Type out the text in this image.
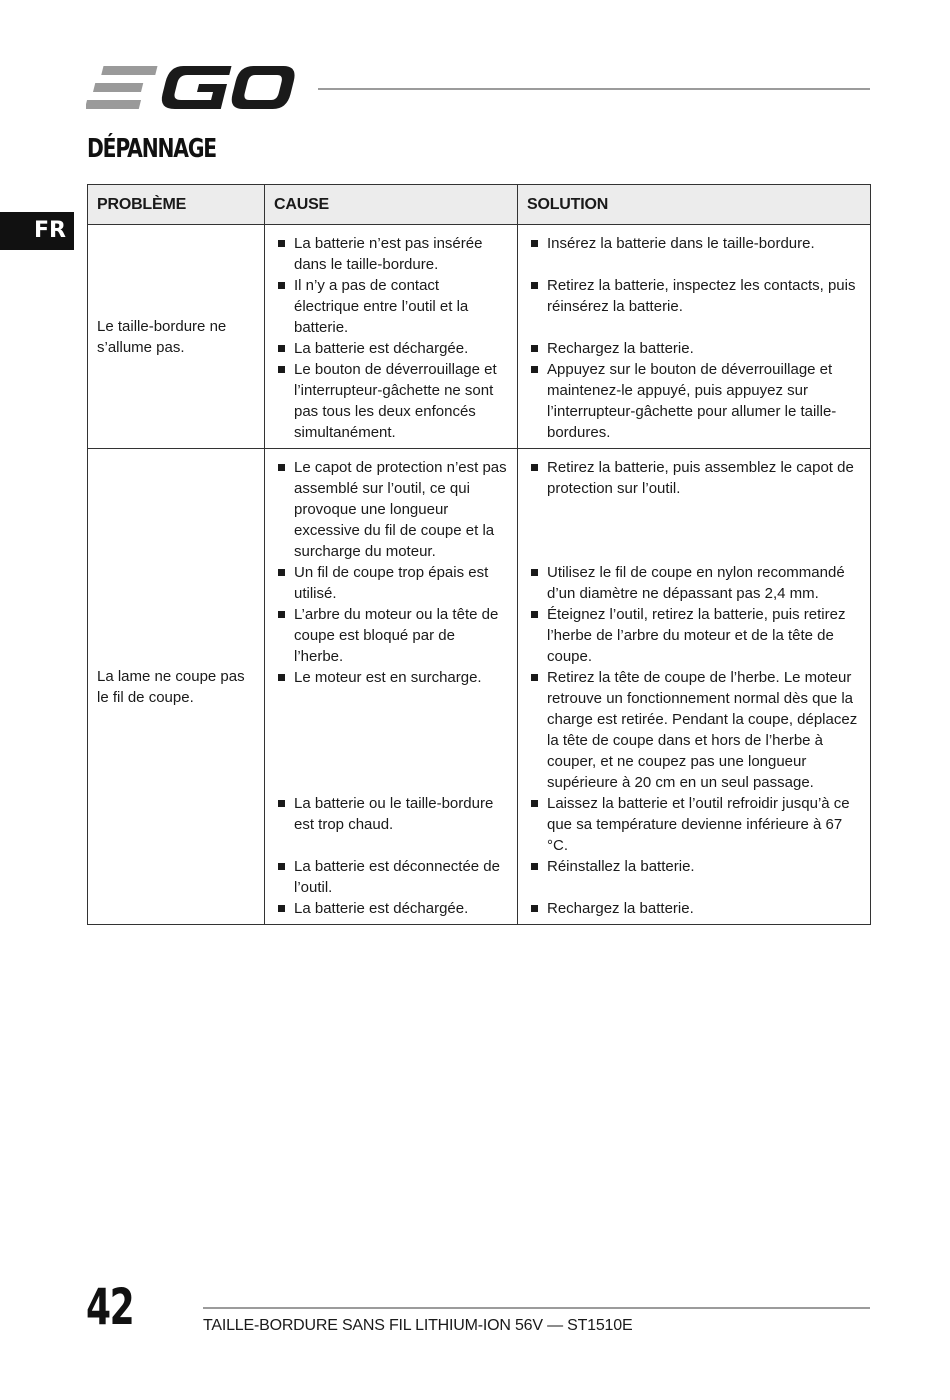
DÉPANNAGE
FR
PROBLÈME	CAUSE	SOLUTION
Le taille-bordure ne s’allume pas.	La batterie n’est pas insérée dans le taille-bordure.	Insérez la batterie dans le taille-bordure.

	Il n’y a pas de contact électrique entre l’outil et la batterie.	Retirez la batterie, inspectez les contacts, puis réinsérez la batterie.

	La batterie est déchargée.	Rechargez la batterie.

	Le bouton de déverrouillage et l’interrupteur-gâchette ne sont pas tous les deux enfoncés simultanément.	Appuyez sur le bouton de déverrouillage et maintenez-le appuyé, puis appuyez sur l’interrupteur-gâchette pour allumer le taille-bordures.

La lame ne coupe pas le fil de coupe.	Le capot de protection n’est pas assemblé sur l’outil, ce qui provoque une longueur excessive du fil de coupe et la surcharge du moteur.	Retirez la batterie, puis assemblez le capot de protection sur l’outil.

	Un fil de coupe trop épais est utilisé.	Utilisez le fil de coupe en nylon recommandé d’un diamètre ne dépassant pas 2,4 mm.

	L’arbre du moteur ou la tête de coupe est bloqué par de l’herbe.	Éteignez l’outil, retirez la batterie, puis retirez l’herbe de l’arbre du moteur et de la tête de coupe.

	Le moteur est en surcharge.	Retirez la tête de coupe de l’herbe. Le moteur retrouve un fonctionnement normal dès que la charge est retirée. Pendant la coupe, déplacez la tête de coupe dans et hors de l’herbe à couper, et ne coupez pas une longueur supérieure à 20 cm en un seul passage.

	La batterie ou le taille-bordure est trop chaud.	Laissez la batterie et l’outil refroidir jusqu’à ce que sa température devienne inférieure à 67 °C.

	La batterie est déconnectée de l’outil.	Réinstallez la batterie.

	La batterie est déchargée.	Rechargez la batterie.
42	TAILLE-BORDURE SANS FIL LITHIUM-ION 56V — ST1510E
